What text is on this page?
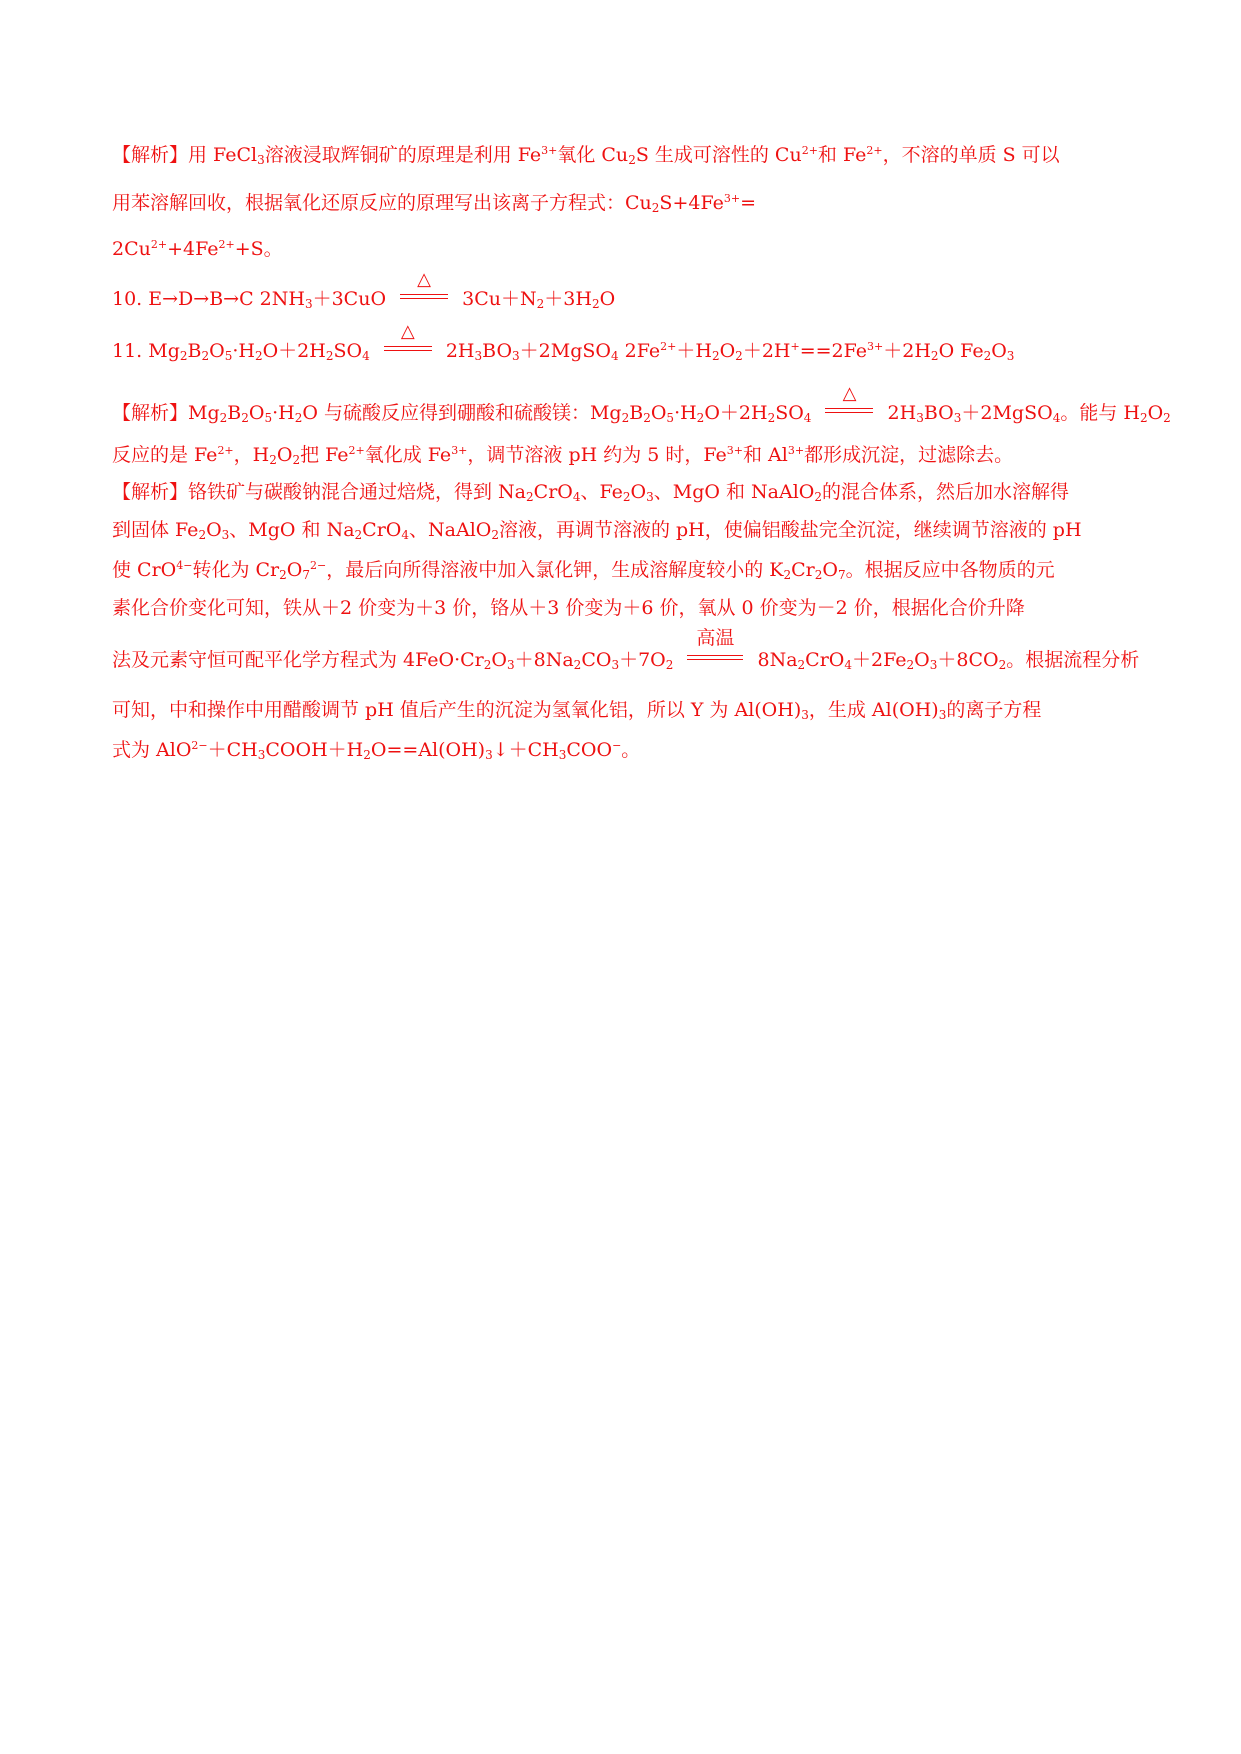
【解析】用 FeCl$_3$溶液浸取辉铜矿的原理是利用 $Fe^{3+}$氧化 $Cu_2S$ 生成可溶性的 $Cu^{2+}$和 $Fe^{2+}$，不溶的单质 S 可以
用苯溶解回收，根据氧化还原反应的原理写出该离子方程式：$Cu_2S+4Fe^{3+}=$
$2Cu^{2+}+4Fe^{2+}+S$。
10. E→D→B→C $2NH_3+3CuO$
△
$3Cu+N_2+3H_2O$
11. $Mg_2B_2O_5\cdot H_2O+2H_2SO_4$
△
$2H_3BO_3+2MgSO_4$ $2Fe^{2+}+H_2O_2+2H^+==2Fe^{3+}+2H_2O$ $Fe_2O_3$
【解析】$Mg_2B_2O_5\cdot H_2O$ 与硫酸反应得到硼酸和硫酸镁：$Mg_2B_2O_5\cdot H_2O+2H_2SO_4$
△
$2H_3BO_3+2MgSO_4$。能与 $H_2O_2$
反应的是 $Fe^{2+}$，$H_2O_2$把 $Fe^{2+}$氧化成 $Fe^{3+}$，调节溶液 pH 约为 5 时，$Fe^{3+}$和 $Al^{3+}$都形成沉淀，过滤除去。
【解析】铬铁矿与碳酸钠混合通过焙烧，得到 $Na_2CrO_4$、$Fe_2O_3$、MgO 和 NaAlO$_2$的混合体系，然后加水溶解得
到固体 $Fe_2O_3$、MgO 和 $Na_2CrO_4$、NaAlO$_2$溶液，再调节溶液的 pH，使偏铝酸盐完全沉淀，继续调节溶液的 pH
使 CrO$^{4-}$转化为 $Cr_2O_7^{2-}$，最后向所得溶液中加入氯化钾，生成溶解度较小的 $K_2Cr_2O_7$。根据反应中各物质的元
素化合价变化可知，铁从＋2 价变为＋3 价，铬从＋3 价变为＋6 价，氧从 0 价变为－2 价，根据化合价升降
法及元素守恒可配平化学方程式为 $4FeO\cdot Cr_2O_3+8Na_2CO_3+7O_2$
高温
$8Na_2CrO_4+2Fe_2O_3+8CO_2$。根据流程分析
可知，中和操作中用醋酸调节 pH 值后产生的沉淀为氢氧化铝，所以 Y 为 $Al(OH)_3$，生成 $Al(OH)_3$的离子方程
式为 $AlO^{2-}+CH_3COOH+H_2O==Al(OH)_3↓+CH_3COO^-$。
